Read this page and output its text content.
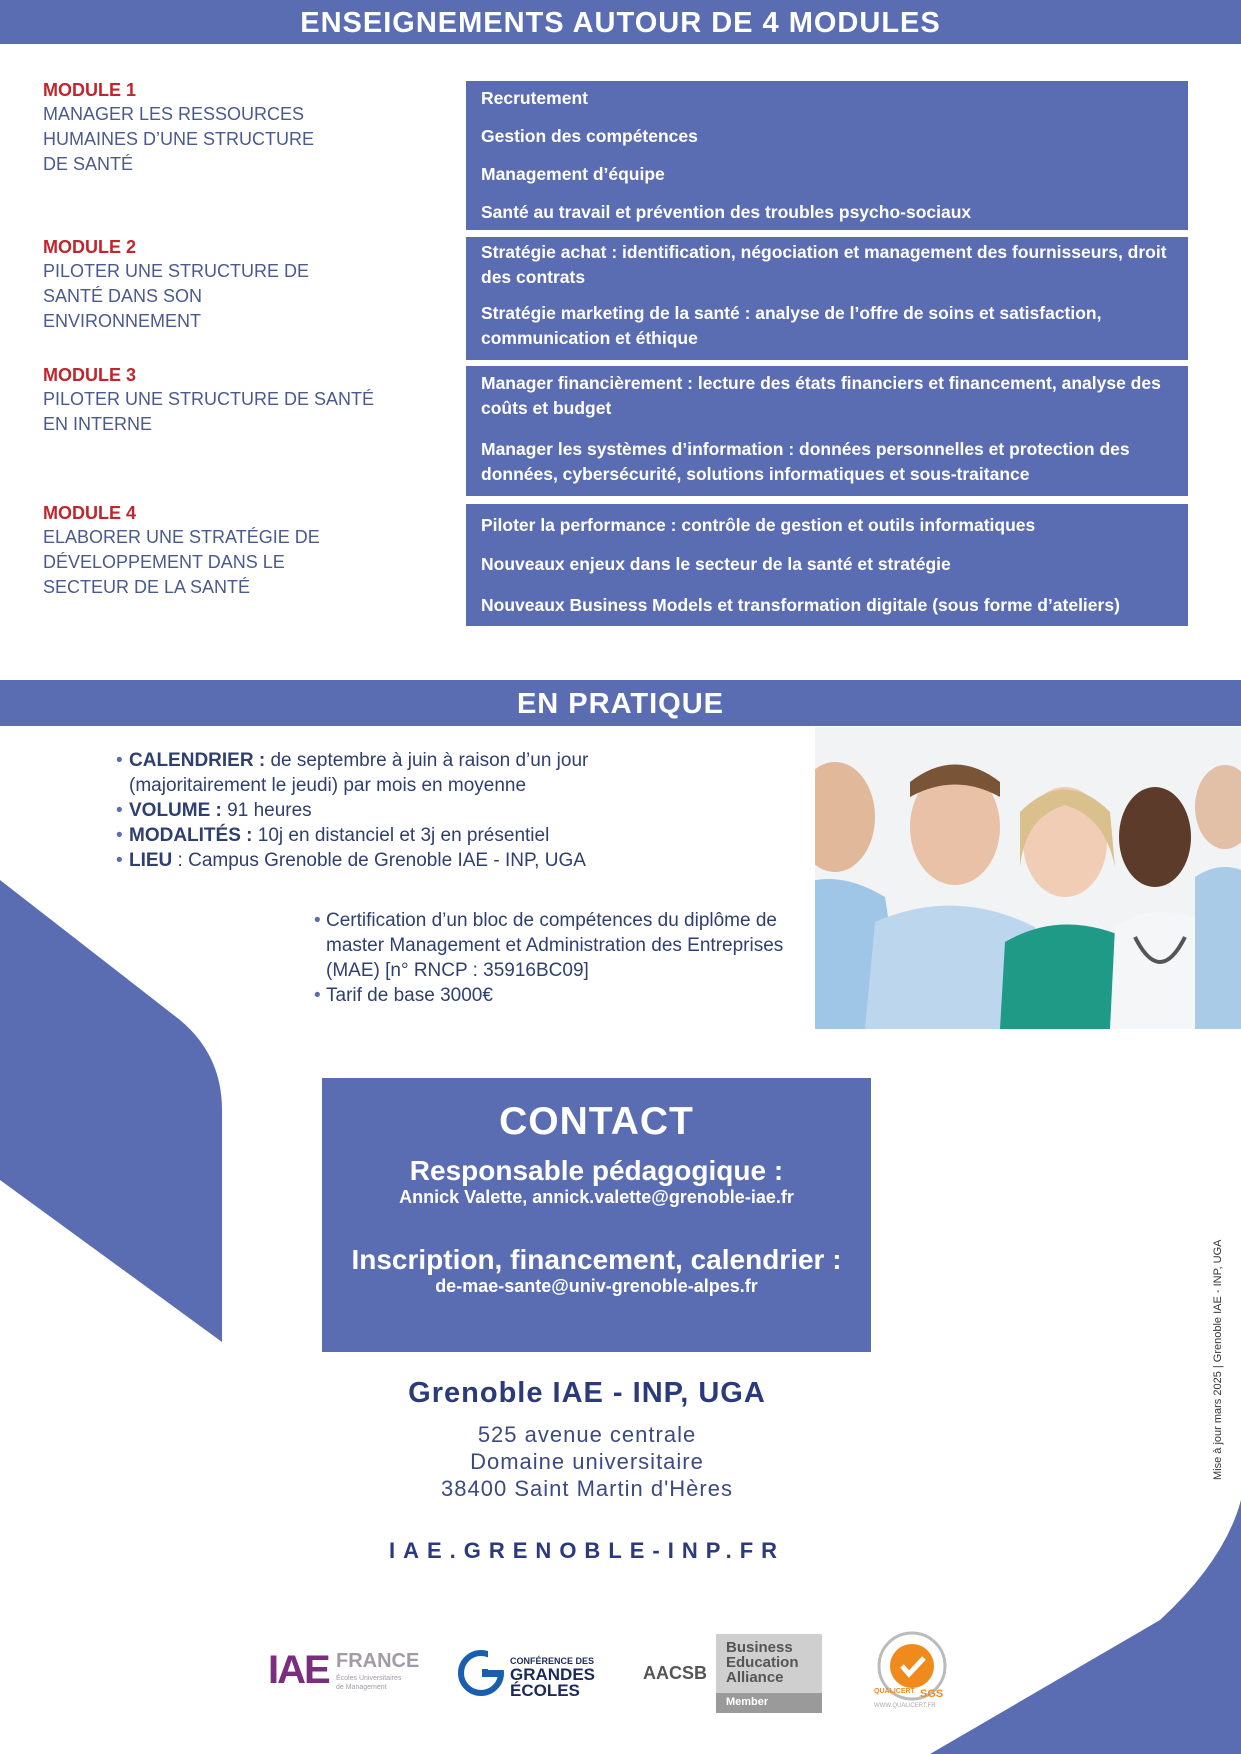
ENSEIGNEMENTS AUTOUR DE 4 MODULES
MODULE 1
MANAGER LES RESSOURCES HUMAINES D’UNE STRUCTURE DE SANTÉ
MODULE 2
PILOTER UNE STRUCTURE DE SANTÉ DANS SON ENVIRONNEMENT
MODULE 3
PILOTER UNE STRUCTURE DE SANTÉ EN INTERNE
MODULE 4
ELABORER UNE STRATÉGIE DE DÉVELOPPEMENT DANS LE SECTEUR DE LA SANTÉ
Recrutement
Gestion des compétences
Management d’équipe
Santé au travail et prévention des troubles psycho-sociaux
Stratégie achat : identification, négociation et management des fournisseurs, droit des contrats
Stratégie marketing de la santé : analyse de l’offre de soins et satisfaction, communication et éthique
Manager financièrement : lecture des états financiers et financement, analyse des coûts et budget
Manager les systèmes d’information : données personnelles et protection des données, cybersécurité, solutions informatiques et sous-traitance
Piloter la performance : contrôle de gestion et outils informatiques
Nouveaux enjeux dans le secteur de la santé et stratégie
Nouveaux Business Models et transformation digitale (sous forme d’ateliers)
EN PRATIQUE
• CALENDRIER : de septembre à juin à raison d’un jour (majoritairement le jeudi) par mois en moyenne
• VOLUME : 91 heures
• MODALITÉS : 10j en distanciel et 3j en présentiel
• LIEU : Campus Grenoble de Grenoble IAE - INP, UGA
• Certification d’un bloc de compétences du diplôme de master Management et Administration des Entreprises (MAE) [n° RNCP : 35916BC09]
• Tarif de base 3000€
CONTACT
Responsable pédagogique :
Annick Valette, annick.valette@grenoble-iae.fr
Inscription, financement, calendrier :
de-mae-sante@univ-grenoble-alpes.fr
Grenoble IAE - INP, UGA
525 avenue centrale
Domaine universitaire
38400 Saint Martin d'Hères
IAE.GRENOBLE-INP.FR
Mise à jour mars 2025 | Grenoble IAE - INP, UGA
IAE FRANCE
Écoles Universitaires
de Management
CONFÉRENCE DES
GRANDES
ÉCOLES
AACSB
Business
Education
Alliance
Member
QUALICERT SGS
WWW.QUALICERT.FR
